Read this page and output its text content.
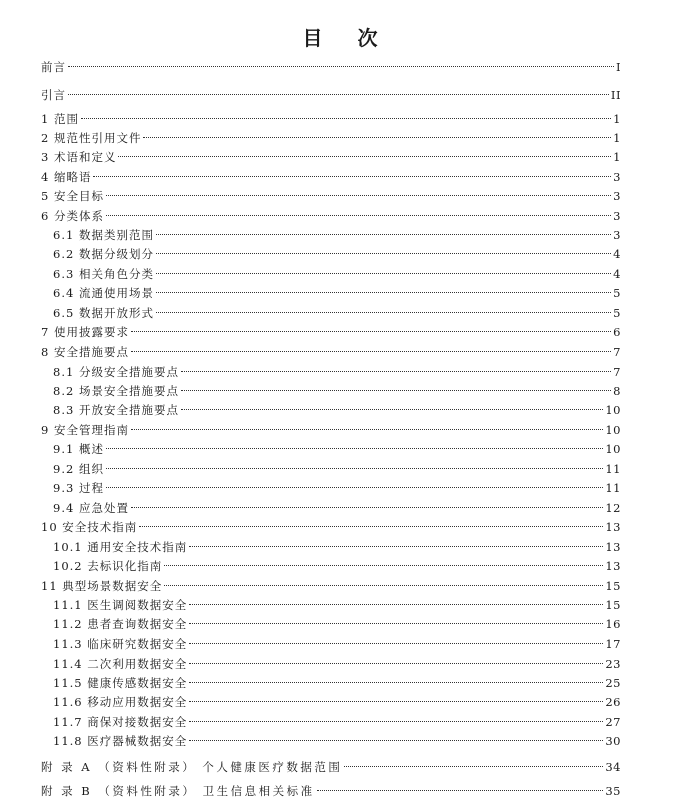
目 次
前言	I
引言	II
1 范围	1
2 规范性引用文件	1
3 术语和定义	1
4 缩略语	3
5 安全目标	3
6 分类体系	3
6.1 数据类别范围	3
6.2 数据分级划分	4
6.3 相关角色分类	4
6.4 流通使用场景	5
6.5 数据开放形式	5
7 使用披露要求	6
8 安全措施要点	7
8.1 分级安全措施要点	7
8.2 场景安全措施要点	8
8.3 开放安全措施要点	10
9 安全管理指南	10
9.1 概述	10
9.2 组织	11
9.3 过程	11
9.4 应急处置	12
10 安全技术指南	13
10.1 通用安全技术指南	13
10.2 去标识化指南	13
11 典型场景数据安全	15
11.1 医生调阅数据安全	15
11.2 患者查询数据安全	16
11.3 临床研究数据安全	17
11.4 二次利用数据安全	23
11.5 健康传感数据安全	25
11.6 移动应用数据安全	26
11.7 商保对接数据安全	27
11.8 医疗器械数据安全	30
附 录 A （资料性附录） 个人健康医疗数据范围	34
附 录 B （资料性附录） 卫生信息相关标准	35
